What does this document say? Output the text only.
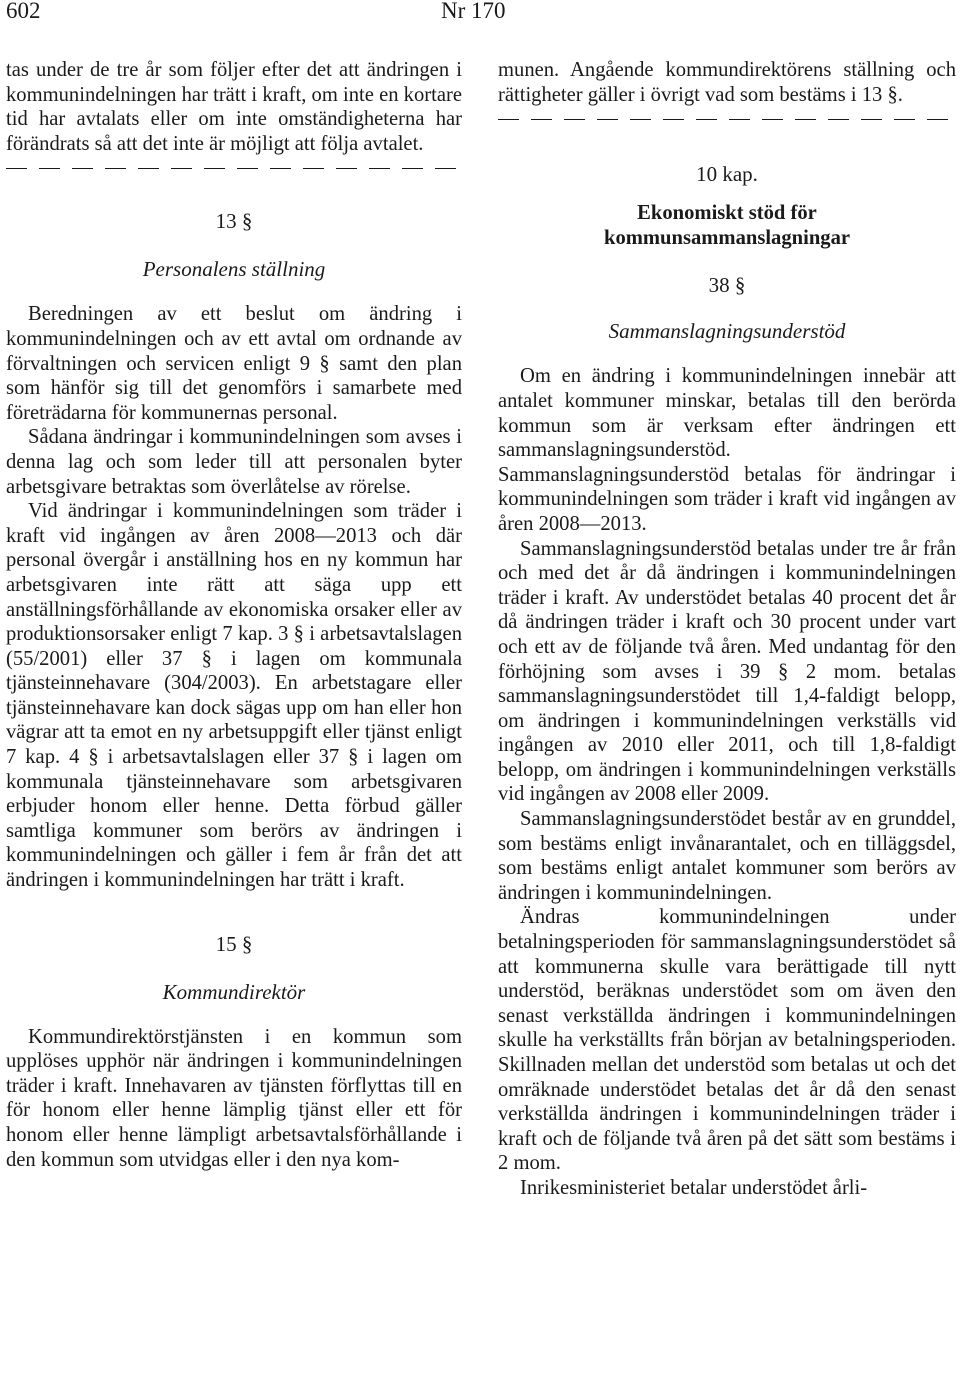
602	Nr 170

tas under de tre år som följer efter det att ändringen i kommunindelningen har trätt i kraft, om inte en kortare tid har avtalats eller om inte omständigheterna har förändrats så att det inte är möjligt att följa avtalet.

13 §
Personalens ställning

Beredningen av ett beslut om ändring i kommunindelningen och av ett avtal om ordnande av förvaltningen och servicen enligt 9 § samt den plan som hänför sig till det genomförs i samarbete med företrädarna för kommunernas personal.

Sådana ändringar i kommunindelningen som avses i denna lag och som leder till att personalen byter arbetsgivare betraktas som överlåtelse av rörelse.

Vid ändringar i kommunindelningen som träder i kraft vid ingången av åren 2008—2013 och där personal övergår i anställning hos en ny kommun har arbetsgivaren inte rätt att säga upp ett anställningsförhållande av ekonomiska orsaker eller av produktionsorsaker enligt 7 kap. 3 § i arbetsavtalslagen (55/2001) eller 37 § i lagen om kommunala tjänsteinnehavare (304/2003). En arbetstagare eller tjänsteinnehavare kan dock sägas upp om han eller hon vägrar att ta emot en ny arbetsuppgift eller tjänst enligt 7 kap. 4 § i arbetsavtalslagen eller 37 § i lagen om kommunala tjänsteinnehavare som arbetsgivaren erbjuder honom eller henne. Detta förbud gäller samtliga kommuner som berörs av ändringen i kommunindelningen och gäller i fem år från det att ändringen i kommunindelningen har trätt i kraft.

15 §
Kommundirektör

Kommundirektörstjänsten i en kommun som upplöses upphör när ändringen i kommunindelningen träder i kraft. Innehavaren av tjänsten förflyttas till en för honom eller henne lämplig tjänst eller ett för honom eller henne lämpligt arbetsavtalsförhållande i den kommun som utvidgas eller i den nya kom-

munen. Angående kommundirektörens ställning och rättigheter gäller i övrigt vad som bestäms i 13 §.

10 kap.
Ekonomiskt stöd för kommunsammanslagningar
38 §
Sammanslagningsunderstöd

Om en ändring i kommunindelningen innebär att antalet kommuner minskar, betalas till den berörda kommun som är verksam efter ändringen ett sammanslagningsunderstöd. Sammanslagningsunderstöd betalas för ändringar i kommunindelningen som träder i kraft vid ingången av åren 2008—2013.

Sammanslagningsunderstöd betalas under tre år från och med det år då ändringen i kommunindelningen träder i kraft. Av understödet betalas 40 procent det år då ändringen träder i kraft och 30 procent under vart och ett av de följande två åren. Med undantag för den förhöjning som avses i 39 § 2 mom. betalas sammanslagningsunderstödet till 1,4-faldigt belopp, om ändringen i kommunindelningen verkställs vid ingången av 2010 eller 2011, och till 1,8-faldigt belopp, om ändringen i kommunindelningen verkställs vid ingången av 2008 eller 2009.

Sammanslagningsunderstödet består av en grunddel, som bestäms enligt invånarantalet, och en tilläggsdel, som bestäms enligt antalet kommuner som berörs av ändringen i kommunindelningen.

Ändras kommunindelningen under betalningsperioden för sammanslagningsunderstödet så att kommunerna skulle vara berättigade till nytt understöd, beräknas understödet som om även den senast verkställda ändringen i kommunindelningen skulle ha verkställts från början av betalningsperioden. Skillnaden mellan det understöd som betalas ut och det omräknade understödet betalas det år då den senast verkställda ändringen i kommunindelningen träder i kraft och de följande två åren på det sätt som bestäms i 2 mom.

Inrikesministeriet betalar understödet årli-
